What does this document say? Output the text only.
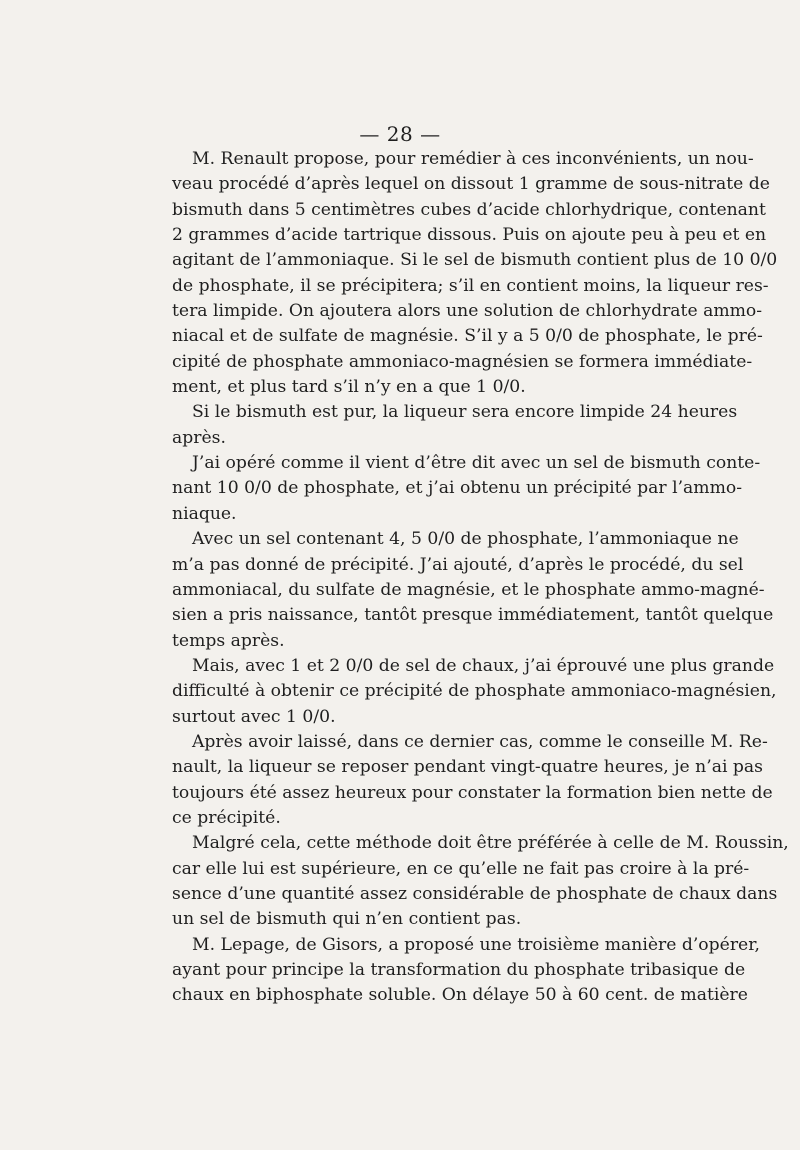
— 28 —
M. Renault propose, pour remédier à ces inconvénients, un nou-
veau procédé d’après lequel on dissout 1 gramme de sous-nitrate de
bismuth dans 5 centimètres cubes d’acide chlorhydrique, contenant
2 grammes d’acide tartrique dissous. Puis on ajoute peu à peu et en
agitant de l’ammoniaque. Si le sel de bismuth contient plus de 10 0/0
de phosphate, il se précipitera; s’il en contient moins, la liqueur res-
tera limpide. On ajoutera alors une solution de chlorhydrate ammo-
niacal et de sulfate de magnésie. S’il y a 5 0/0 de phosphate, le pré-
cipité de phosphate ammoniaco-magnésien se formera immédiate-
ment, et plus tard s’il n’y en a que 1 0/0.
Si le bismuth est pur, la liqueur sera encore limpide 24 heures
après.
J’ai opéré comme il vient d’être dit avec un sel de bismuth conte-
nant 10 0/0 de phosphate, et j’ai obtenu un précipité par l’ammo-
niaque.
Avec un sel contenant 4, 5 0/0 de phosphate, l’ammoniaque ne
m’a pas donné de précipité. J’ai ajouté, d’après le procédé, du sel
ammoniacal, du sulfate de magnésie, et le phosphate ammo-magné-
sien a pris naissance, tantôt presque immédiatement, tantôt quelque
temps après.
Mais, avec 1 et 2 0/0 de sel de chaux, j’ai éprouvé une plus grande
difficulté à obtenir ce précipité de phosphate ammoniaco-magnésien,
surtout avec 1 0/0.
Après avoir laissé, dans ce dernier cas, comme le conseille M. Re-
nault, la liqueur se reposer pendant vingt-quatre heures, je n’ai pas
toujours été assez heureux pour constater la formation bien nette de
ce précipité.
Malgré cela, cette méthode doit être préférée à celle de M. Roussin,
car elle lui est supérieure, en ce qu’elle ne fait pas croire à la pré-
sence d’une quantité assez considérable de phosphate de chaux dans
un sel de bismuth qui n’en contient pas.
M. Lepage, de Gisors, a proposé une troisième manière d’opérer,
ayant pour principe la transformation du phosphate tribasique de
chaux en biphosphate soluble. On délaye 50 à 60 cent. de matière
